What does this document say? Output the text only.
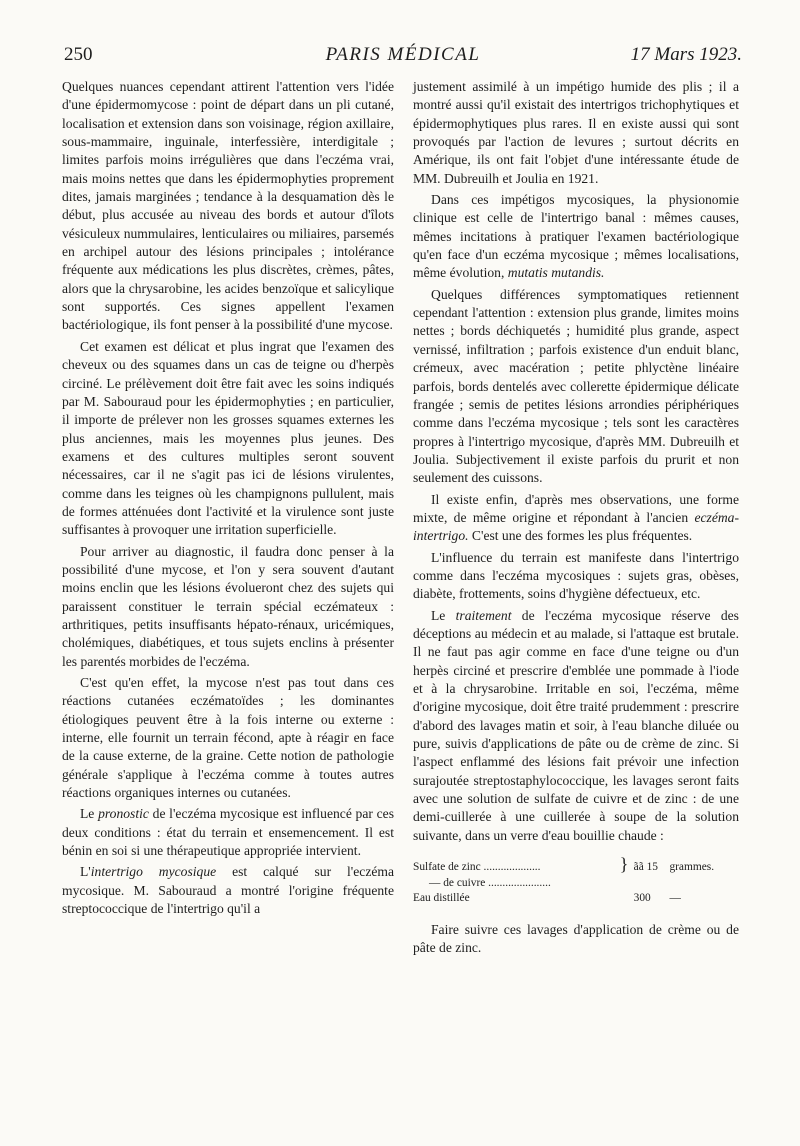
250	PARIS MÉDICAL	17 Mars 1923.

Quelques nuances cependant attirent l'attention vers l'idée d'une épidermomycose : point de départ dans un pli cutané, localisation et extension dans son voisinage, région axillaire, sous-mammaire, inguinale, interfessière, interdigitale ; limites parfois moins irrégulières que dans l'eczéma vrai, mais moins nettes que dans les épidermophyties proprement dites, jamais marginées ; tendance à la desquamation dès le début, plus accusée au niveau des bords et autour d'îlots vésiculeux nummulaires, lenticulaires ou miliaires, parsemés en archipel autour des lésions principales ; intolérance fréquente aux médications les plus discrètes, crèmes, pâtes, alors que la chrysarobine, les acides benzoïque et salicylique sont supportés. Ces signes appellent l'examen bactériologique, ils font penser à la possibilité d'une mycose.

Cet examen est délicat et plus ingrat que l'examen des cheveux ou des squames dans un cas de teigne ou d'herpès circiné. Le prélèvement doit être fait avec les soins indiqués par M. Sabouraud pour les épidermophyties ; en particulier, il importe de prélever non les grosses squames externes les plus anciennes, mais les moyennes plus jeunes. Des examens et des cultures multiples seront souvent nécessaires, car il ne s'agit pas ici de lésions virulentes, comme dans les teignes où les champignons pullulent, mais de formes atténuées dont l'activité et la virulence sont juste suffisantes à provoquer une irritation superficielle.

Pour arriver au diagnostic, il faudra donc penser à la possibilité d'une mycose, et l'on y sera souvent d'autant moins enclin que les lésions évolueront chez des sujets qui paraissent constituer le terrain spécial eczémateux : arthritiques, petits insuffisants hépato-rénaux, uricémiques, cholémiques, diabétiques, et tous sujets enclins à présenter les parentés morbides de l'eczéma.

C'est qu'en effet, la mycose n'est pas tout dans ces réactions cutanées eczématoïdes ; les dominantes étiologiques peuvent être à la fois interne ou externe : interne, elle fournit un terrain fécond, apte à réagir en face de la cause externe, de la graine. Cette notion de pathologie générale s'applique à l'eczéma comme à toutes autres réactions organiques internes ou cutanées.

Le pronostic de l'eczéma mycosique est influencé par ces deux conditions : état du terrain et ensemencement. Il est bénin en soi si une thérapeutique appropriée intervient.

L'intertrigo mycosique est calqué sur l'eczéma mycosique. M. Sabouraud a montré l'origine fréquente streptococcique de l'intertrigo qu'il a

justement assimilé à un impétigo humide des plis ; il a montré aussi qu'il existait des intertrigos trichophytiques et épidermophytiques plus rares. Il en existe aussi qui sont provoqués par l'action de levures ; surtout décrits en Amérique, ils ont fait l'objet d'une intéressante étude de MM. Dubreuilh et Joulia en 1921.

Dans ces impétigos mycosiques, la physionomie clinique est celle de l'intertrigo banal : mêmes causes, mêmes incitations à pratiquer l'examen bactériologique qu'en face d'un eczéma mycosique ; mêmes localisations, même évolution, mutatis mutandis.

Quelques différences symptomatiques retiennent cependant l'attention : extension plus grande, limites moins nettes ; bords déchiquetés ; humidité plus grande, aspect vernissé, infiltration ; parfois existence d'un enduit blanc, crémeux, avec macération ; petite phlyctène linéaire parfois, bords dentelés avec collerette épidermique délicate frangée ; semis de petites lésions arrondies périphériques comme dans l'eczéma mycosique ; tels sont les caractères propres à l'intertrigo mycosique, d'après MM. Dubreuilh et Joulia. Subjectivement il existe parfois du prurit et non seulement des cuissons.

Il existe enfin, d'après mes observations, une forme mixte, de même origine et répondant à l'ancien eczéma-intertrigo. C'est une des formes les plus fréquentes.

L'influence du terrain est manifeste dans l'intertrigo comme dans l'eczéma mycosiques : sujets gras, obèses, diabète, frottements, soins d'hygiène défectueux, etc.

Le traitement de l'eczéma mycosique réserve des déceptions au médecin et au malade, si l'attaque est brutale. Il ne faut pas agir comme en face d'une teigne ou d'un herpès circiné et prescrire d'emblée une pommade à l'iode et à la chrysarobine. Irritable en soi, l'eczéma, même d'origine mycosique, doit être traité prudemment : prescrire d'abord des lavages matin et soir, à l'eau blanche diluée ou pure, suivis d'applications de pâte ou de crème de zinc. Si l'aspect enflammé des lésions fait prévoir une infection surajoutée streptostaphylococcique, les lavages seront faits avec une solution de sulfate de cuivre et de zinc : de une demi-cuillerée à une cuillerée à soupe de la solution suivante, dans un verre d'eau bouillie chaude :

Sulfate de zinc ....................	} ãã 15	grammes.
— de cuivre ......................
Eau distillée	300	—

Faire suivre ces lavages d'application de crème ou de pâte de zinc.
